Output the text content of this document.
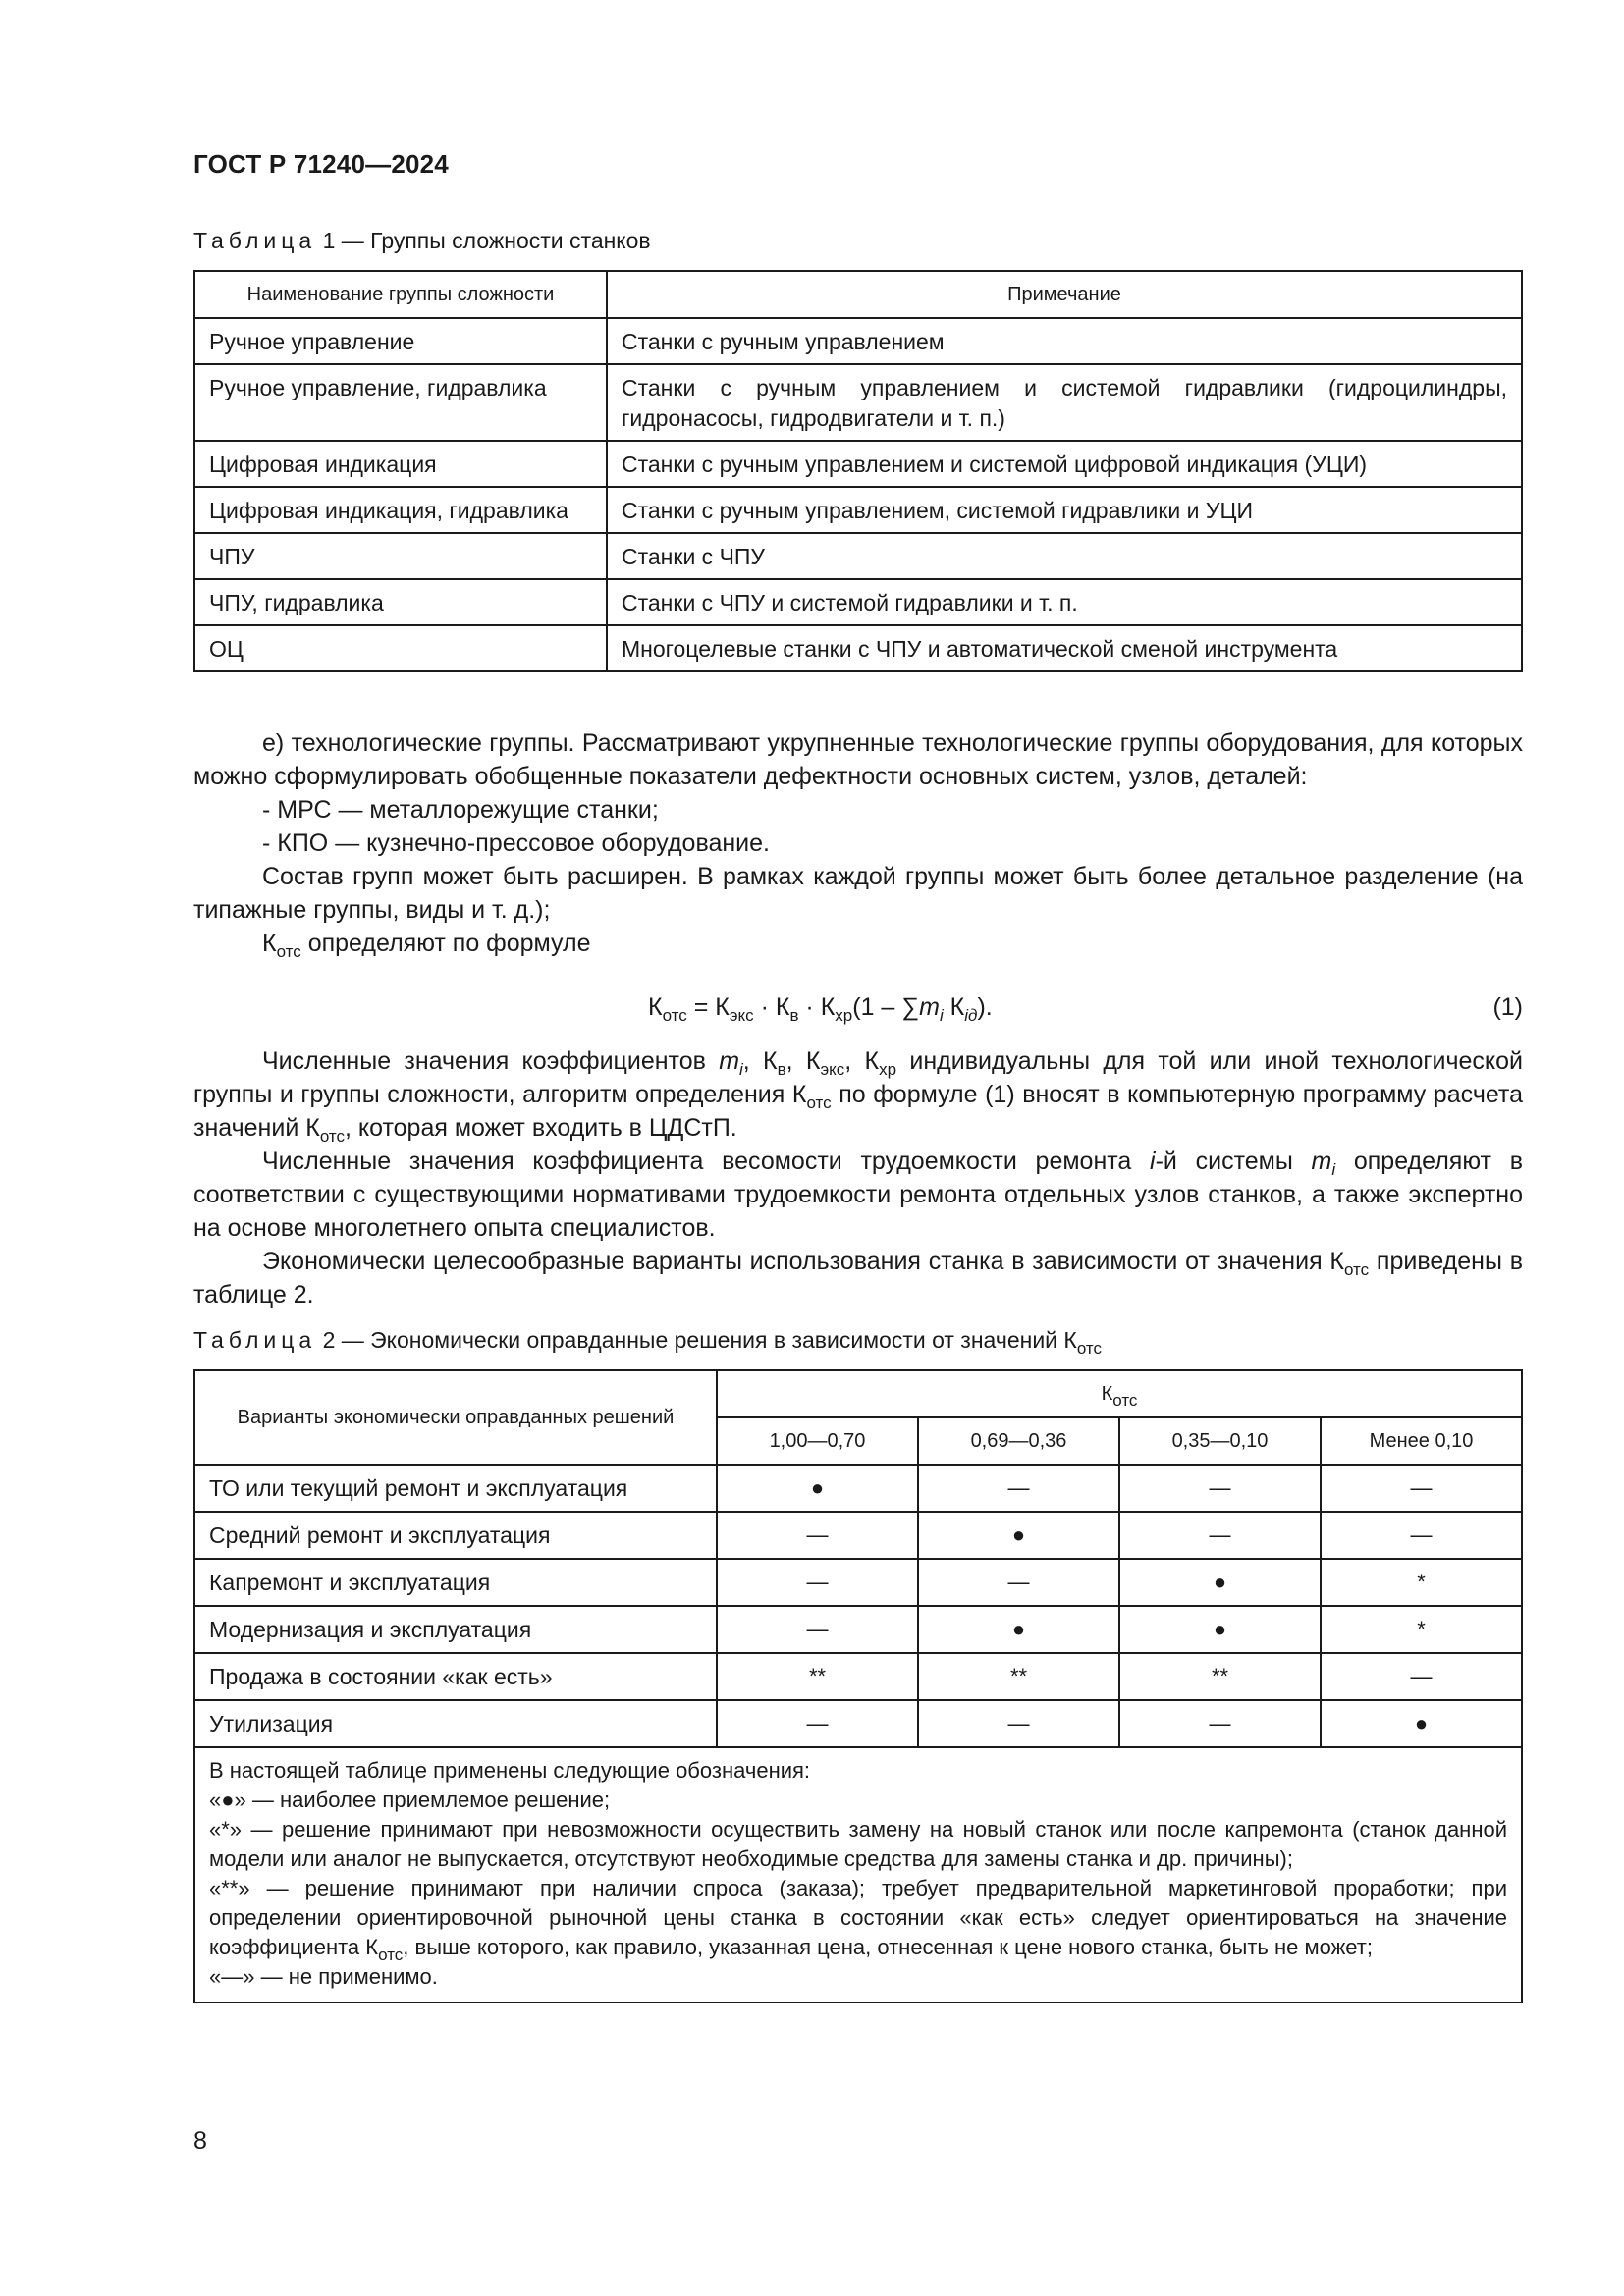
ГОСТ Р 71240—2024
Таблица 1 — Группы сложности станков
Наименование группы сложности	Примечание
Ручное управление	Станки с ручным управлением
Ручное управление, гидравлика	Станки с ручным управлением и системой гидравлики (гидроцилиндры, гидронасосы, гидродвигатели и т. п.)
Цифровая индикация	Станки с ручным управлением и системой цифровой индикация (УЦИ)
Цифровая индикация, гидравлика	Станки с ручным управлением, системой гидравлики и УЦИ
ЧПУ	Станки с ЧПУ
ЧПУ, гидравлика	Станки с ЧПУ и системой гидравлики и т. п.
ОЦ	Многоцелевые станки с ЧПУ и автоматической сменой инструмента

е) технологические группы. Рассматривают укрупненные технологические группы оборудования, для которых можно сформулировать обобщенные показатели дефектности основных систем, узлов, деталей:

- МРС — металлорежущие станки;

- КПО — кузнечно-прессовое оборудование.

Состав групп может быть расширен. В рамках каждой группы может быть более детальное разделение (на типажные группы, виды и т. д.);

$К_{отс}$ определяют по формуле

$К_{отс} = К_{экс} \cdot К_в \cdot К_{хр}(1 - \sum m_i$ $К_{iд}$).	(1)

Численные значения коэффициентов $m_i$, $К_в$, $К_{экс}$, $К_{хр}$ индивидуальны для той или иной технологической группы и группы сложности, алгоритм определения $К_{отс}$ по формуле (1) вносят в компьютерную программу расчета значений $К_{отс}$, которая может входить в ЦДСтП.

Численные значения коэффициента весомости трудоемкости ремонта i-й системы $m_i$ определяют в соответствии с существующими нормативами трудоемкости ремонта отдельных узлов станков, а также экспертно на основе многолетнего опыта специалистов.

Экономически целесообразные варианты использования станка в зависимости от значения $К_{отс}$ приведены в таблице 2.

Таблица 2 — Экономически оправданные решения в зависимости от значений $К_{отс}$
Варианты экономически оправданных решений	$К_{отс}$
	1,00—0,70	0,69—0,36	0,35—0,10	Менее 0,10
ТО или текущий ремонт и эксплуатация	●	—	—	—
Средний ремонт и эксплуатация	—	●	—	—
Капремонт и эксплуатация	—	—	●	*
Модернизация и эксплуатация	—	●	●	*
Продажа в состоянии «как есть»	**	**	**	—
Утилизация	—	—	—	●

В настоящей таблице применены следующие обозначения:
«●» — наиболее приемлемое решение;
«*» — решение принимают при невозможности осуществить замену на новый станок или после капремонта (станок данной модели или аналог не выпускается, отсутствуют необходимые средства для замены станка и др. причины);
«**» — решение принимают при наличии спроса (заказа); требует предварительной маркетинговой проработки; при определении ориентировочной рыночной цены станка в состоянии «как есть» следует ориентироваться на значение коэффициента $К_{отс}$, выше которого, как правило, указанная цена, отнесенная к цене нового станка, быть не может;
«—» — не применимо.				
8
